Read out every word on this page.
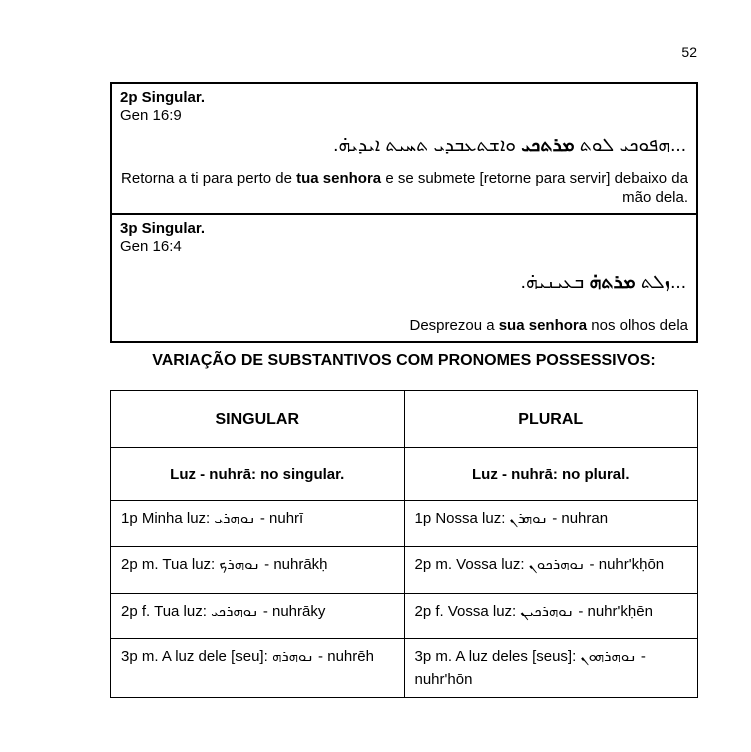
52
2p Singular.
Gen 16:9
...ܗܦܘܟܝ ܠܘܬ ܡܪܬܟܝ ܘܐܫܬܥܒܕܝ ܬܚܝܬ ܐܝܕܝܗ̇.
Retorna a ti para perto de tua senhora e se submete [retorne para servir] debaixo da mão dela.
3p Singular.
Gen 16:4
...ܙܠܬ ܡܪܬܗ̇ ܒܥܝܢܝܗ̇.
Desprezou a sua senhora nos olhos dela
VARIAÇÃO DE SUBSTANTIVOS COM PRONOMES POSSESSIVOS:
SINGULAR	PLURAL
Luz - nuhrā: no singular.	Luz - nuhrā: no plural.
1p Minha luz: ܢܘܗܪܝ - nuhrī	1p Nossa luz: ܢܘܗܪܢ - nuhran
2p m. Tua luz: ܢܘܗܪܟ - nuhrākḥ	2p m. Vossa luz: ܢܘܗܪܟܘܢ - nuhr'kḥōn
2p f. Tua luz: ܢܘܗܪܟܝ - nuhrāky	2p f. Vossa luz: ܢܘܗܪܟܝܢ - nuhr'kḥēn
3p m. A luz dele [seu]: ܢܘܗܪܗ - nuhrēh	3p m. A luz deles [seus]: ܢܘܗܪܗܘܢ - nuhr'hōn
